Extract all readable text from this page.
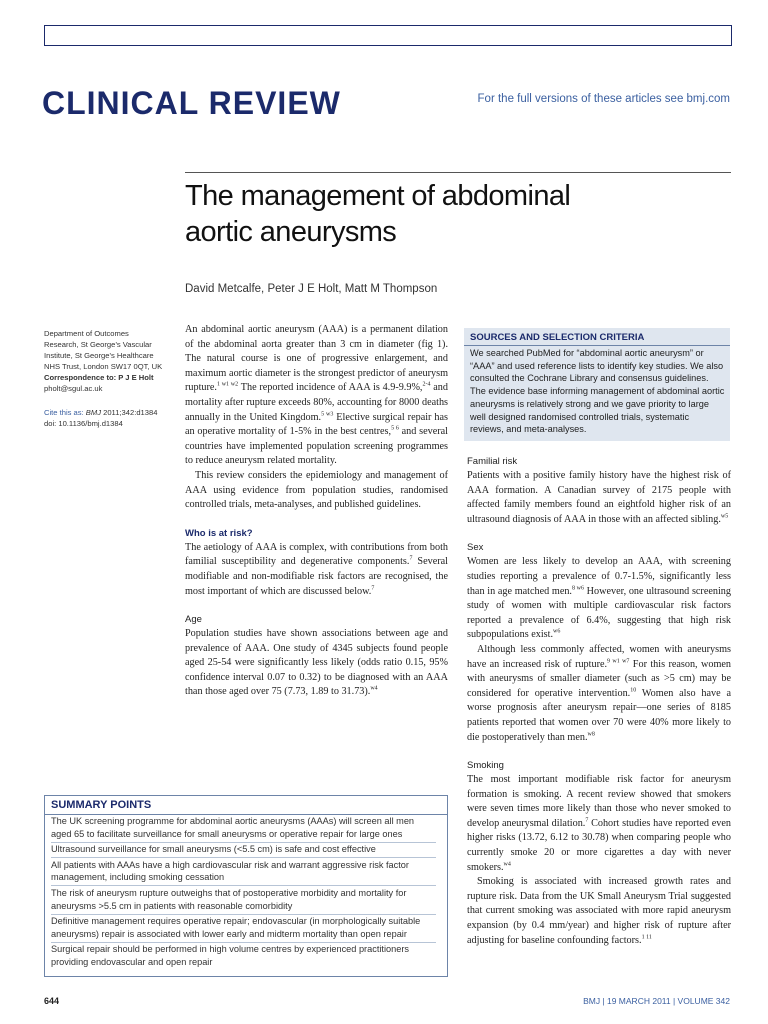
CLINICAL REVIEW	For the full versions of these articles see bmj.com
The management of abdominal
aortic aneurysms
David Metcalfe, Peter J E Holt, Matt M Thompson

Department of Outcomes

Research, St George’s Vascular

Institute, St George’s Healthcare

NHS Trust, London SW17 0QT, UK

Correspondence to: P J E Holt

pholt@sgul.ac.uk

Cite this as: BMJ 2011;342:d1384
doi: 10.1136/bmj.d1384

An abdominal aortic aneurysm (AAA) is a permanent dilation of the abdominal aorta greater than 3 cm in diameter (fig 1). The natural course is one of progressive enlargement, and maximum aortic diameter is the strongest predictor of aneurysm rupture.$^{1 w1 w2}$ The reported incidence of AAA is 4.9-9.9%,$^{2-4}$ and mortality after rupture exceeds 80%, accounting for 8000 deaths annually in the United Kingdom.$^{5 w3}$ Elective surgical repair has an operative mortality of 1-5% in the best centres,$^{5 6}$ and several countries have implemented population screening programmes to reduce aneurysm related mortality.

This review considers the epidemiology and management of AAA using evidence from population studies, randomised controlled trials, meta-analyses, and published guidelines.

Who is at risk?

The aetiology of AAA is complex, with contributions from both familial susceptibility and degenerative components.$^7$ Several modifiable and non-modifiable risk factors are recognised, the most important of which are discussed below.$^7$

Age

Population studies have shown associations between age and prevalence of AAA. One study of 4345 subjects found people aged 25-54 were significantly less likely (odds ratio 0.15, 95% confidence interval 0.07 to 0.32) to be diagnosed with an AAA than those aged over 75 (7.73, 1.89 to 31.73).$^{w4}$

SOURCES AND SELECTION CRITERIA
We searched PubMed for “abdominal aortic aneurysm” or “AAA” and used reference lists to identify key studies. We also consulted the Cochrane Library and consensus guidelines. The evidence base informing management of abdominal aortic aneurysms is relatively strong and we gave priority to large well designed randomised controlled trials, systematic reviews, and meta-analyses.

Familial risk

Patients with a positive family history have the highest risk of AAA formation. A Canadian survey of 2175 people with affected family members found an eightfold higher risk of an ultrasound diagnosis of AAA in those with an affected sibling.$^{w5}$

Sex

Women are less likely to develop an AAA, with screening studies reporting a prevalence of 0.7-1.5%, significantly less than in age matched men.$^{8 w6}$ However, one ultrasound screening study of women with multiple cardiovascular risk factors reported a prevalence of 6.4%, suggesting that high risk subpopulations exist.$^{w6}$

Although less commonly affected, women with aneurysms have an increased risk of rupture.$^{9 w1 w7}$ For this reason, women with aneurysms of smaller diameter (such as >5 cm) may be considered for operative intervention.$^{10}$ Women also have a worse prognosis after aneurysm repair—one series of 8185 patients reported that women over 70 were 40% more likely to die postoperatively than men.$^{w8}$

Smoking

The most important modifiable risk factor for aneurysm formation is smoking. A recent review showed that smokers were seven times more likely than those who never smoked to develop aneurysmal dilation.$^7$ Cohort studies have reported even higher risks (13.72, 6.12 to 30.78) when comparing people who currently smoke 20 or more cigarettes a day with never smokers.$^{w4}$

Smoking is associated with increased growth rates and rupture risk. Data from the UK Small Aneurysm Trial suggested that current smoking was associated with more rapid aneurysm expansion (by 0.4 mm/year) and higher risk of rupture after adjusting for baseline confounding factors.$^{1 11}$

SUMMARY POINTS

The UK screening programme for abdominal aortic aneurysms (AAAs) will screen all men aged 65 to facilitate surveillance for small aneurysms or operative repair for large ones

Ultrasound surveillance for small aneurysms (<5.5 cm) is safe and cost effective

All patients with AAAs have a high cardiovascular risk and warrant aggressive risk factor management, including smoking cessation

The risk of aneurysm rupture outweighs that of postoperative morbidity and mortality for aneurysms >5.5 cm in patients with reasonable comorbidity

Definitive management requires operative repair; endovascular (in morphologically suitable aneurysms) repair is associated with lower early and midterm mortality than open repair

Surgical repair should be performed in high volume centres by experienced practitioners providing endovascular and open repair

644	BMJ | 19 MARCH 2011 | VOLUME 342
